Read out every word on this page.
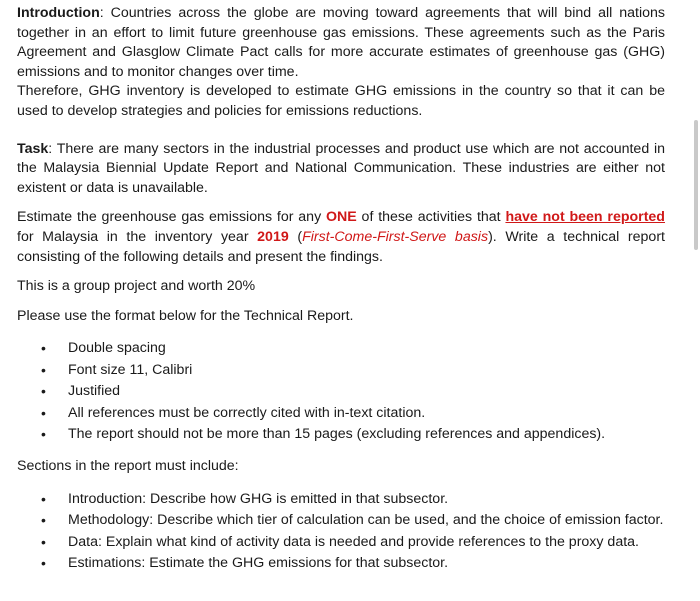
Introduction: Countries across the globe are moving toward agreements that will bind all nations together in an effort to limit future greenhouse gas emissions. These agreements such as the Paris Agreement and Glasglow Climate Pact calls for more accurate estimates of greenhouse gas (GHG) emissions and to monitor changes over time.

Therefore, GHG inventory is developed to estimate GHG emissions in the country so that it can be used to develop strategies and policies for emissions reductions.

Task: There are many sectors in the industrial processes and product use which are not accounted in the Malaysia Biennial Update Report and National Communication. These industries are either not existent or data is unavailable.

Estimate the greenhouse gas emissions for any ONE of these activities that have not been reported for Malaysia in the inventory year 2019 (First-Come-First-Serve basis). Write a technical report consisting of the following details and present the findings.

This is a group project and worth 20%

Please use the format below for the Technical Report.

• Double spacing
• Font size 11, Calibri
• Justified
• All references must be correctly cited with in-text citation.
• The report should not be more than 15 pages (excluding references and appendices).

Sections in the report must include:

• Introduction: Describe how GHG is emitted in that subsector.
• Methodology: Describe which tier of calculation can be used, and the choice of emission factor.
• Data: Explain what kind of activity data is needed and provide references to the proxy data.
• Estimations: Estimate the GHG emissions for that subsector.
